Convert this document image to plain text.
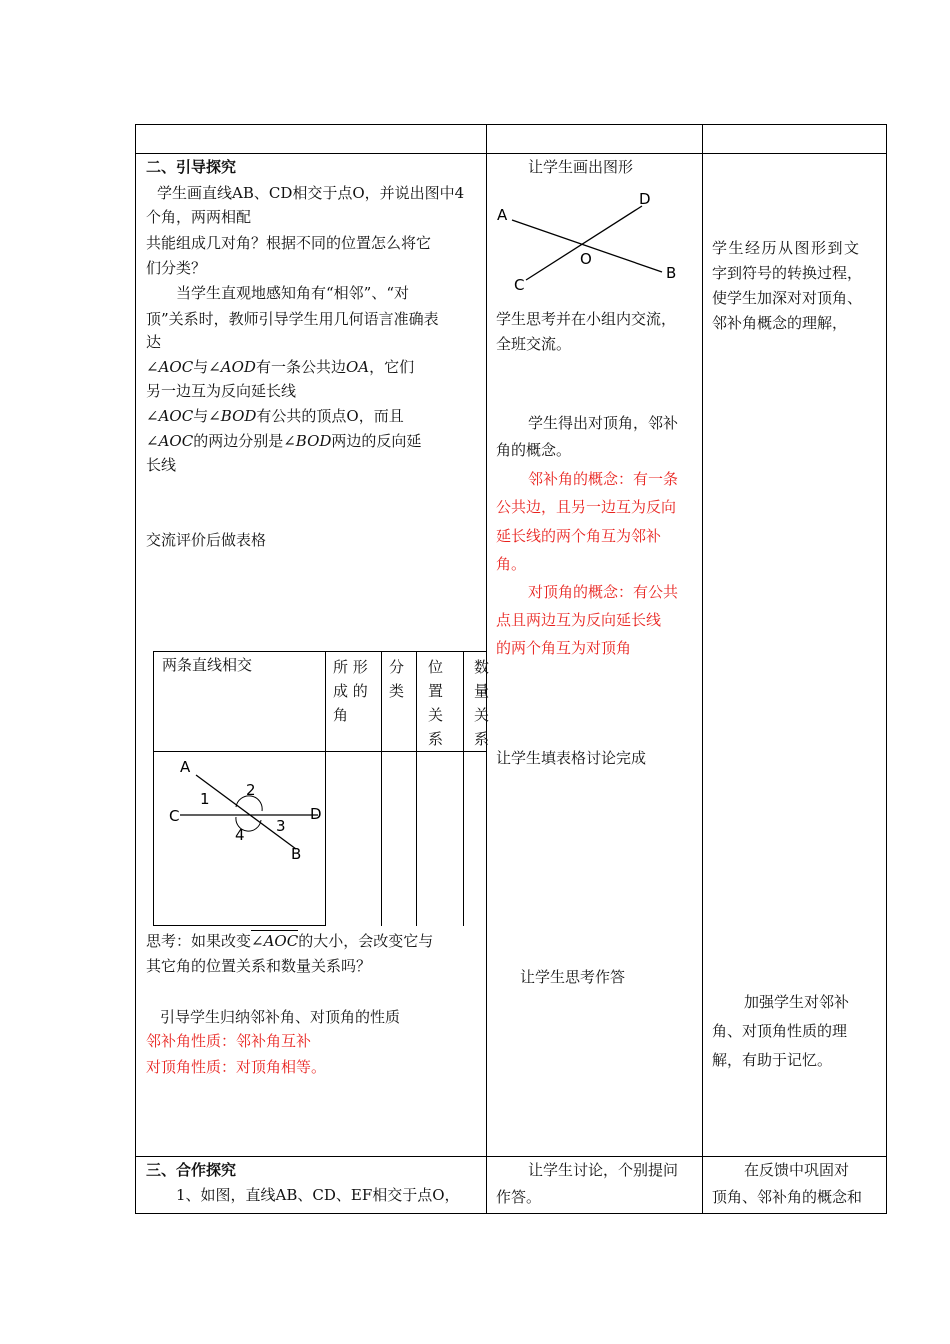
二、引导探究
学生画直线AB、CD相交于点O，并说出图中4
个角，两两相配
共能组成几对角？根据不同的位置怎么将它
们分类？
当学生直观地感知角有“相邻”、“对
顶”关系时，教师引导学生用几何语言准确表
达
∠AOC与∠AOD有一条公共边OA，它们
另一边互为反向延长线
∠AOC与∠BOD有公共的顶点O，而且
∠AOC的两边分别是∠BOD两边的反向延
长线
交流评价后做表格
两条直线相交	所 形
成 的
角
分
类
位
置
关
系
数
量
关
系
A
C	D
B
1 2
3
4
思考：如果改变∠AOC的大小，会改变它与
其它角的位置关系和数量关系吗？
引导学生归纳邻补角、对顶角的性质
邻补角性质：邻补角互补
对顶角性质：对顶角相等。
让学生画出图形
A
D
O
B
C
学生思考并在小组内交流，
全班交流。
学生得出对顶角，邻补
角的概念。
邻补角的概念：有一条
公共边，且另一边互为反向
延长线的两个角互为邻补
角。
对顶角的概念：有公共
点且两边互为反向延长线
的两个角互为对顶角
让学生填表格讨论完成
让学生思考作答
学生经历从图形到文
字到符号的转换过程，
使学生加深对对顶角、
邻补角概念的理解，
加强学生对邻补
角、对顶角性质的理
解，有助于记忆。
三、合作探究
1、如图，直线AB、CD、EF相交于点O，
让学生讨论，个别提问
作答。
在反馈中巩固对
顶角、邻补角的概念和
